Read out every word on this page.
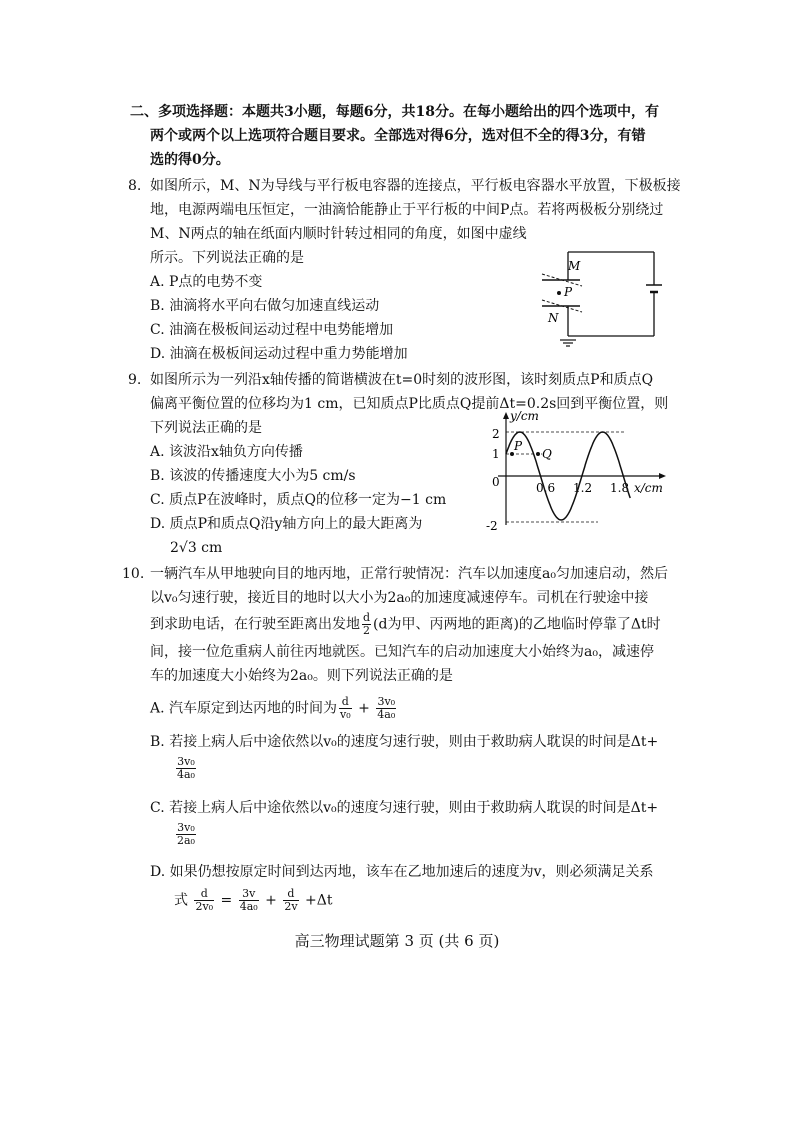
二、多项选择题：本题共3小题，每题6分，共18分。在每小题给出的四个选项中，有
两个或两个以上选项符合题目要求。全部选对得6分，选对但不全的得3分，有错
选的得0分。
8. 如图所示，M、N为导线与平行板电容器的连接点，平行板电容器水平放置，下极板接
地，电源两端电压恒定，一油滴恰能静止于平行板的中间P点。若将两极板分别绕过
M、N两点的轴在纸面内顺时针转过相同的角度，如图中虚线
所示。下列说法正确的是
A. P点的电势不变
B. 油滴将水平向右做匀加速直线运动
C. 油滴在极板间运动过程中电势能增加
D. 油滴在极板间运动过程中重力势能增加
M
P
N
9. 如图所示为一列沿x轴传播的简谐横波在t=0时刻的波形图，该时刻质点P和质点Q
偏离平衡位置的位移均为1 cm，已知质点P比质点Q提前Δt=0.2s回到平衡位置，则
下列说法正确的是
A. 该波沿x轴负方向传播
B. 该波的传播速度大小为5 cm/s
C. 质点P在波峰时，质点Q的位移一定为−1 cm
D. 质点P和质点Q沿y轴方向上的最大距离为
2√3 cm
y/cm
x/cm
2
1
0
-2
0.6 1.2 1.8
P
Q
10. 一辆汽车从甲地驶向目的地丙地，正常行驶情况：汽车以加速度a₀匀加速启动，然后
以v₀匀速行驶，接近目的地时以大小为2a₀的加速度减速停车。司机在行驶途中接
到求助电话，在行驶至距离出发地 $\frac{d}{2} (d$为甲、丙两地的距离)的乙地临时停靠了Δt时
间，接一位危重病人前往丙地就医。已知汽车的启动加速度大小始终为a₀，减速停
车的加速度大小始终为2a₀。则下列说法正确的是
A. 汽车原定到达丙地的时间为 $\frac{d}{\text{v₀}} + \frac{\text{3v₀}}{\text{4a₀}}$
B. 若接上病人后中途依然以v₀的速度匀速行驶，则由于救助病人耽误的时间是Δt+
$\frac{\text{3v₀}}{\text{4a₀}}$
C. 若接上病人后中途依然以v₀的速度匀速行驶，则由于救助病人耽误的时间是Δt+
$\frac{\text{3v₀}}{\text{2a₀}}$
D. 如果仍想按原定时间到达丙地，该车在乙地加速后的速度为v，则必须满足关系
式 $\frac{d}{\text{2v₀}} = \frac{3v}{\text{4a₀}} + \frac{d}{2v} +\Delta t$
高三物理试题第 3 页 (共 6 页)
